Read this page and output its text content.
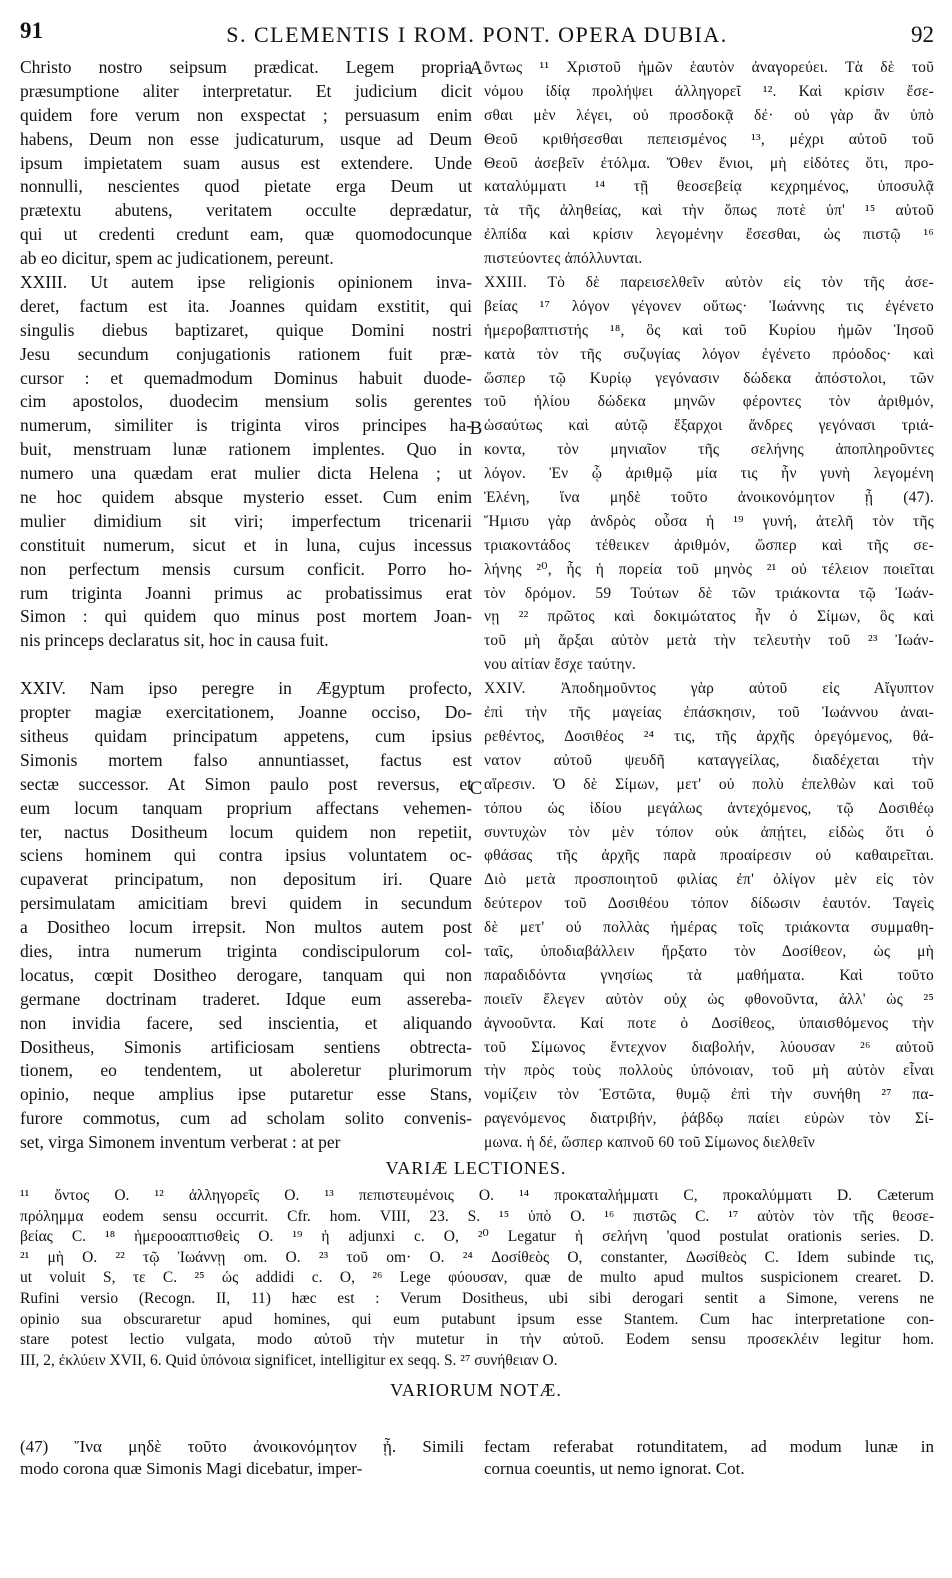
91	S. CLEMENTIS I ROM. PONT. OPERA DUBIA.	92
Christo nostro seipsum prædicat. Legem propria
præsumptione aliter interpretatur. Et judicium dicit
quidem fore verum non exspectat ; persuasum enim
habens, Deum non esse judicaturum, usque ad Deum
ipsum impietatem suam ausus est extendere. Unde
nonnulli, nescientes quod pietate erga Deum ut
prætextu abutens, veritatem occulte deprædatur,
qui ut credenti credunt eam, quæ quomodocunque
ab eo dicitur, spem ac judicationem, pereunt.
XXIII. Ut autem ipse religionis opinionem inva-
deret, factum est ita. Joannes quidam exstitit, qui
singulis diebus baptizaret, quique Domini nostri
Jesu secundum conjugationis rationem fuit præ-
cursor : et quemadmodum Dominus habuit duode-
cim apostolos, duodecim mensium solis gerentes
numerum, similiter is triginta viros principes ha-
buit, menstruam lunæ rationem implentes. Quo in
numero una quædam erat mulier dicta Helena ; ut
ne hoc quidem absque mysterio esset. Cum enim
mulier dimidium sit viri; imperfectum tricenarii
constituit numerum, sicut et in luna, cujus incessus
non perfectum mensis cursum conficit. Porro ho-
rum triginta Joanni primus ac probatissimus erat
Simon : qui quidem quo minus post mortem Joan-
nis princeps declaratus sit, hoc in causa fuit.
XXIV. Nam ipso peregre in Ægyptum profecto,
propter magiæ exercitationem, Joanne occiso, Do-
sitheus quidam principatum appetens, cum ipsius
Simonis mortem falso annuntiasset, factus est
sectæ successor. At Simon paulo post reversus, et
eum locum tanquam proprium affectans vehemen-
ter, nactus Dositheum locum quidem non repetiit,
sciens hominem qui contra ipsius voluntatem oc-
cupaverat principatum, non depositum iri. Quare
persimulatam amicitiam brevi quidem in secundum
a Dositheo locum irrepsit. Non multos autem post
dies, intra numerum triginta condiscipulorum col-
locatus, cœpit Dositheo derogare, tanquam qui non
germane doctrinam traderet. Idque eum assereba-
non invidia facere, sed inscientia, et aliquando
Dositheus, Simonis artificiosam sentiens obtrecta-
tionem, eo tendentem, ut aboleretur plurimorum
opinio, neque amplius ipse putaretur esse Stans,
furore commotus, cum ad scholam solito convenis-
set, virga Simonem inventum verberat : at per
ὄντως ¹¹ Χριστοῦ ἡμῶν ἑαυτὸν ἀναγορεύει. Τὰ δὲ τοῦ
νόμου ἰδίᾳ προλήψει ἀλληγορεῖ ¹². Καὶ κρίσιν ἔσε-
σθαι μὲν λέγει, οὐ προσδοκᾷ δέ· οὐ γὰρ ἂν ὑπὸ
Θεοῦ κριθήσεσθαι πεπεισμένος ¹³, μέχρι αὐτοῦ τοῦ
Θεοῦ ἀσεβεῖν ἐτόλμα. Ὅθεν ἔνιοι, μὴ εἰδότες ὅτι, προ-
καταλύμματι ¹⁴ τῇ θεοσεβείᾳ κεχρημένος, ὑποσυλᾷ
τὰ τῆς ἀληθείας, καὶ τὴν ὅπως ποτὲ ὑπ' ¹⁵ αὐτοῦ
ἐλπίδα καὶ κρίσιν λεγομένην ἔσεσθαι, ὡς πιστῷ ¹⁶
πιστεύοντες ἀπόλλυνται.
XXIII. Τὸ δὲ παρεισελθεῖν αὐτὸν εἰς τὸν τῆς ἀσε-
βείας ¹⁷ λόγον γέγονεν οὕτως· Ἰωάννης τις ἐγένετο
ἡμεροβαπτιστής ¹⁸, ὃς καὶ τοῦ Κυρίου ἡμῶν Ἰησοῦ
κατὰ τὸν τῆς συζυγίας λόγον ἐγένετο πρόοδος· καὶ
ὥσπερ τῷ Κυρίῳ γεγόνασιν δώδεκα ἀπόστολοι, τῶν
τοῦ ἡλίου δώδεκα μηνῶν φέροντες τὸν ἀριθμόν,
ὡσαύτως καὶ αὐτῷ ἔξαρχοι ἄνδρες γεγόνασι τριά-
κοντα, τὸν μηνιαῖον τῆς σελήνης ἀποπληροῦντες
λόγον. Ἐν ᾧ ἀριθμῷ μία τις ἦν γυνὴ λεγομένη
Ἑλένη, ἵνα μηδὲ τοῦτο ἀνοικονόμητον ᾖ (47).
Ἥμισυ γὰρ ἀνδρὸς οὖσα ἡ ¹⁹ γυνή, ἀτελῆ τὸν τῆς
τριακοντάδος τέθεικεν ἀριθμόν, ὥσπερ καὶ τῆς σε-
λήνης ²⁰, ἧς ἡ πορεία τοῦ μηνὸς ²¹ οὐ τέλειον ποιεῖται
τὸν δρόμον. 59 Τούτων δὲ τῶν τριάκοντα τῷ Ἰωάν-
νῃ ²² πρῶτος καὶ δοκιμώτατος ἦν ὁ Σίμων, ὃς καὶ
τοῦ μὴ ἄρξαι αὐτὸν μετὰ τὴν τελευτὴν τοῦ ²³ Ἰωάν-
νου αἰτίαν ἔσχε ταύτην.
XXIV. Ἀποδημοῦντος γὰρ αὐτοῦ εἰς Αἴγυπτον
ἐπὶ τὴν τῆς μαγείας ἐπάσκησιν, τοῦ Ἰωάννου ἀναι-
ρεθέντος, Δοσιθέος ²⁴ τις, τῆς ἀρχῆς ὀρεγόμενος, θά-
νατον αὐτοῦ ψευδῆ καταγγείλας, διαδέχεται τὴν
αἵρεσιν. Ὁ δὲ Σίμων, μετ' οὐ πολὺ ἐπελθὼν καὶ τοῦ
τόπου ὡς ἰδίου μεγάλως ἀντεχόμενος, τῷ Δοσιθέῳ
συντυχὼν τὸν μὲν τόπον οὐκ ἀπῄτει, εἰδὼς ὅτι ὁ
φθάσας τῆς ἀρχῆς παρὰ προαίρεσιν οὐ καθαιρεῖται.
Διὸ μετὰ προσποιητοῦ φιλίας ἐπ' ὀλίγον μὲν εἰς τὸν
δεύτερον τοῦ Δοσιθέου τόπον δίδωσιν ἑαυτόν. Ταγεὶς
δὲ μετ' οὐ πολλὰς ἡμέρας τοῖς τριάκοντα συμμαθη-
ταῖς, ὑποδιαβάλλειν ἤρξατο τὸν Δοσίθεον, ὡς μὴ
παραδιδόντα γνησίως τὰ μαθήματα. Καὶ τοῦτο
ποιεῖν ἔλεγεν αὐτὸν οὐχ ὡς φθονοῦντα, ἀλλ' ὡς ²⁵
ἀγνοοῦντα. Καί ποτε ὁ Δοσίθεος, ὑπαισθόμενος τὴν
τοῦ Σίμωνος ἔντεχνον διαβολήν, λύουσαν ²⁶ αὐτοῦ
τὴν πρὸς τοὺς πολλοὺς ὑπόνοιαν, τοῦ μὴ αὐτὸν εἶναι
νομίζειν τὸν Ἑστῶτα, θυμῷ ἐπὶ τὴν συνήθη ²⁷ πα-
ραγενόμενος διατριβήν, ῥάβδῳ παίει εὑρὼν τὸν Σί-
μωνα. ἡ δέ, ὥσπερ καπνοῦ 60 τοῦ Σίμωνος διελθεῖν
A
B
C
VARIÆ LECTIONES.
¹¹ ὄντος O. ¹² ἀλληγορεῖς O. ¹³ πεπιστευμένοις O. ¹⁴ προκαταλήμματι C, προκαλύμματι D. Cæterum
πρόλημμα eodem sensu occurrit. Cfr. hom. VIII, 23. S. ¹⁵ ὑπὸ O. ¹⁶ πιστῶς C. ¹⁷ αὐτὸν τὸν τῆς θεοσε-
βείας C. ¹⁸ ἡμεροοαπτισθεὶς O. ¹⁹ ἡ adjunxi c. O, ²⁰ Legatur ἡ σελήνη 'quod postulat orationis series. D.
²¹ μὴ O. ²² τῷ Ἰωάννῃ om. O. ²³ τοῦ om· O. ²⁴ Δοσίθεὸς O, constanter, Δωσίθεὸς C. Idem subinde τις,
ut voluit S, τε C. ²⁵ ὡς addidi c. O, ²⁶ Lege φύουσαν, quæ de multo apud multos suspicionem crearet. D.
Rufini versio (Recogn. II, 11) hæc est : Verum Dositheus, ubi sibi derogari sentit a Simone, verens ne
opinio sua obscuraretur apud homines, qui eum putabunt ipsum esse Stantem. Cum hac interpretatione con-
stare potest lectio vulgata, modo αὐτοῦ τὴν mutetur in τὴν αὐτοῦ. Eodem sensu προσεκλέιν legitur hom.
III, 2, ἐκλύειν XVII, 6. Quid ὑπόνοια significet, intelligitur ex seqq. S. ²⁷ συνήθειαν O.
VARIORUM NOTÆ.
(47) Ἵνα μηδὲ τοῦτο ἀνοικονόμητον ᾖ. Simili
modo corona quæ Simonis Magi dicebatur, imper-
fectam referabat rotunditatem, ad modum lunæ in
cornua coeuntis, ut nemo ignorat. Cot.
